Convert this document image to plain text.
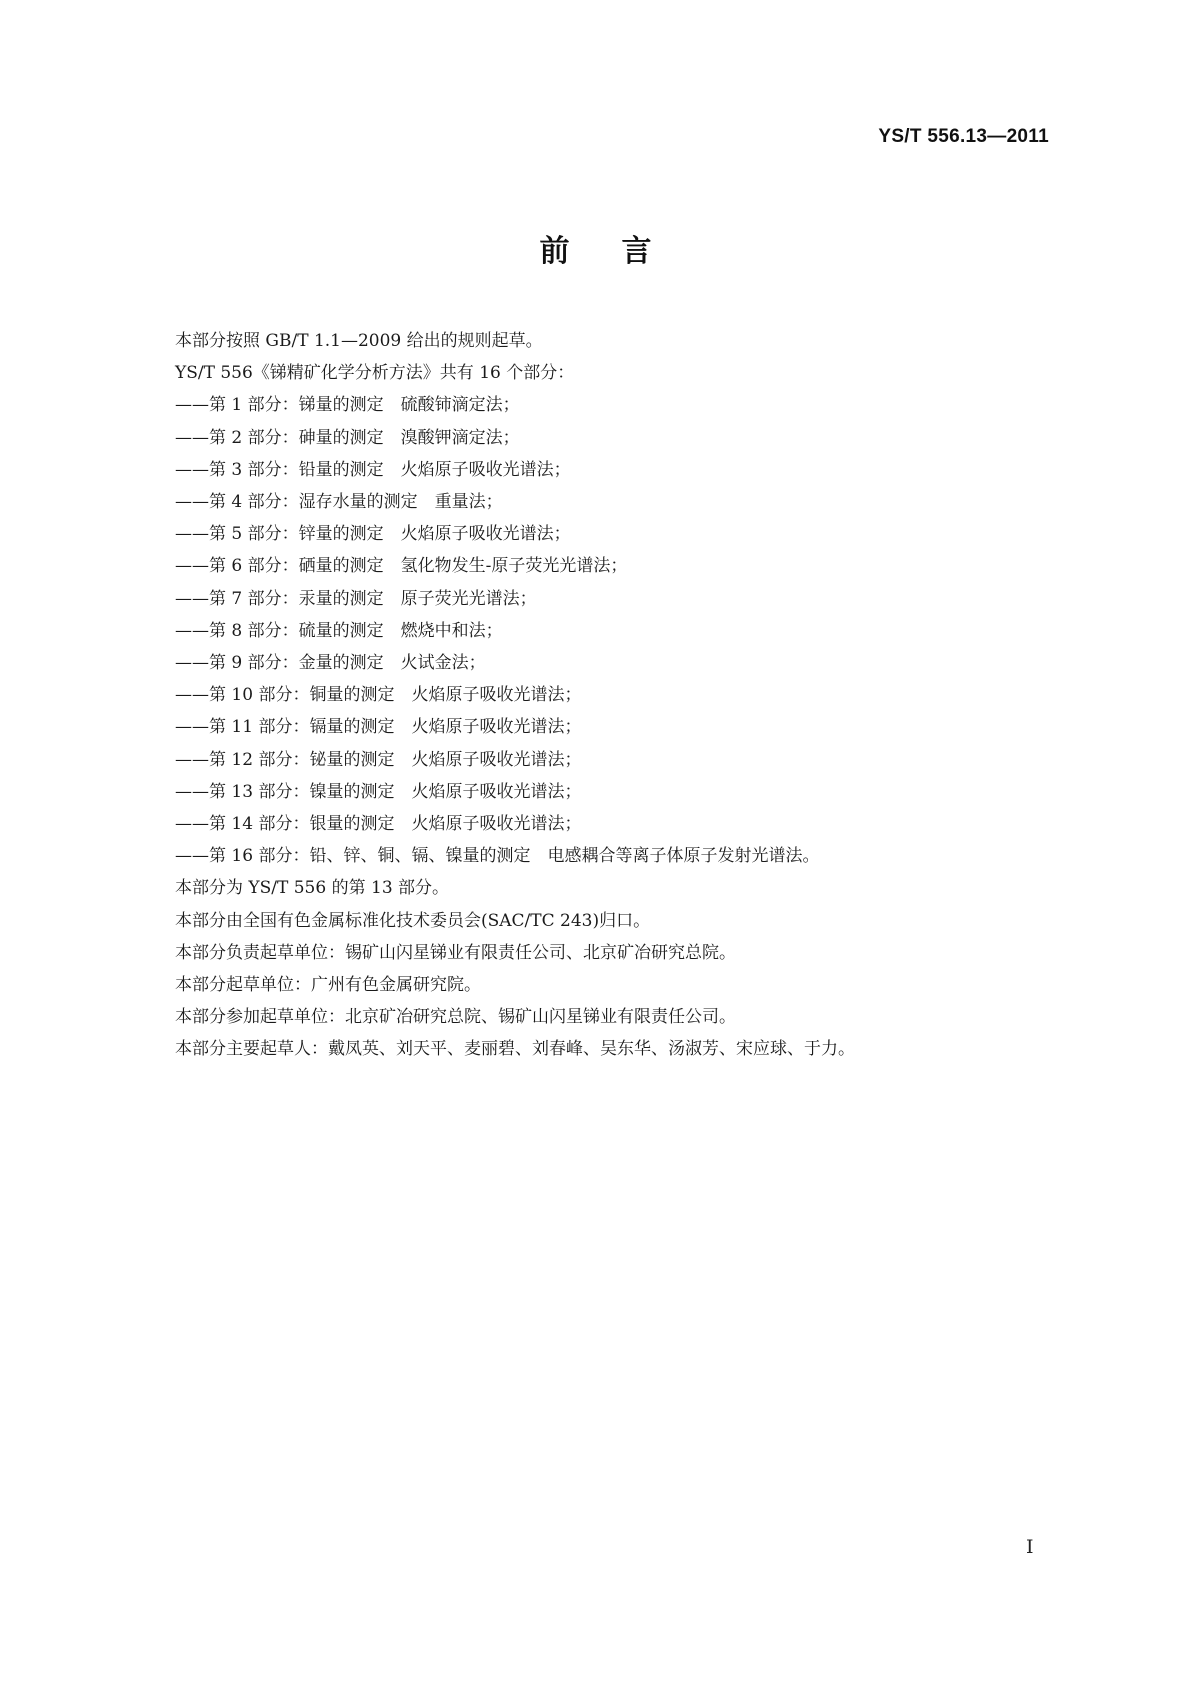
YS/T 556.13—2011
前言
本部分按照 GB/T 1.1—2009 给出的规则起草。
YS/T 556《锑精矿化学分析方法》共有 16 个部分：
——第 1 部分：锑量的测定　硫酸铈滴定法；
——第 2 部分：砷量的测定　溴酸钾滴定法；
——第 3 部分：铅量的测定　火焰原子吸收光谱法；
——第 4 部分：湿存水量的测定　重量法；
——第 5 部分：锌量的测定　火焰原子吸收光谱法；
——第 6 部分：硒量的测定　氢化物发生-原子荧光光谱法；
——第 7 部分：汞量的测定　原子荧光光谱法；
——第 8 部分：硫量的测定　燃烧中和法；
——第 9 部分：金量的测定　火试金法；
——第 10 部分：铜量的测定　火焰原子吸收光谱法；
——第 11 部分：镉量的测定　火焰原子吸收光谱法；
——第 12 部分：铋量的测定　火焰原子吸收光谱法；
——第 13 部分：镍量的测定　火焰原子吸收光谱法；
——第 14 部分：银量的测定　火焰原子吸收光谱法；
——第 16 部分：铅、锌、铜、镉、镍量的测定　电感耦合等离子体原子发射光谱法。
本部分为 YS/T 556 的第 13 部分。
本部分由全国有色金属标准化技术委员会(SAC/TC 243)归口。
本部分负责起草单位：锡矿山闪星锑业有限责任公司、北京矿冶研究总院。
本部分起草单位：广州有色金属研究院。
本部分参加起草单位：北京矿冶研究总院、锡矿山闪星锑业有限责任公司。
本部分主要起草人：戴凤英、刘天平、麦丽碧、刘春峰、吴东华、汤淑芳、宋应球、于力。
I
